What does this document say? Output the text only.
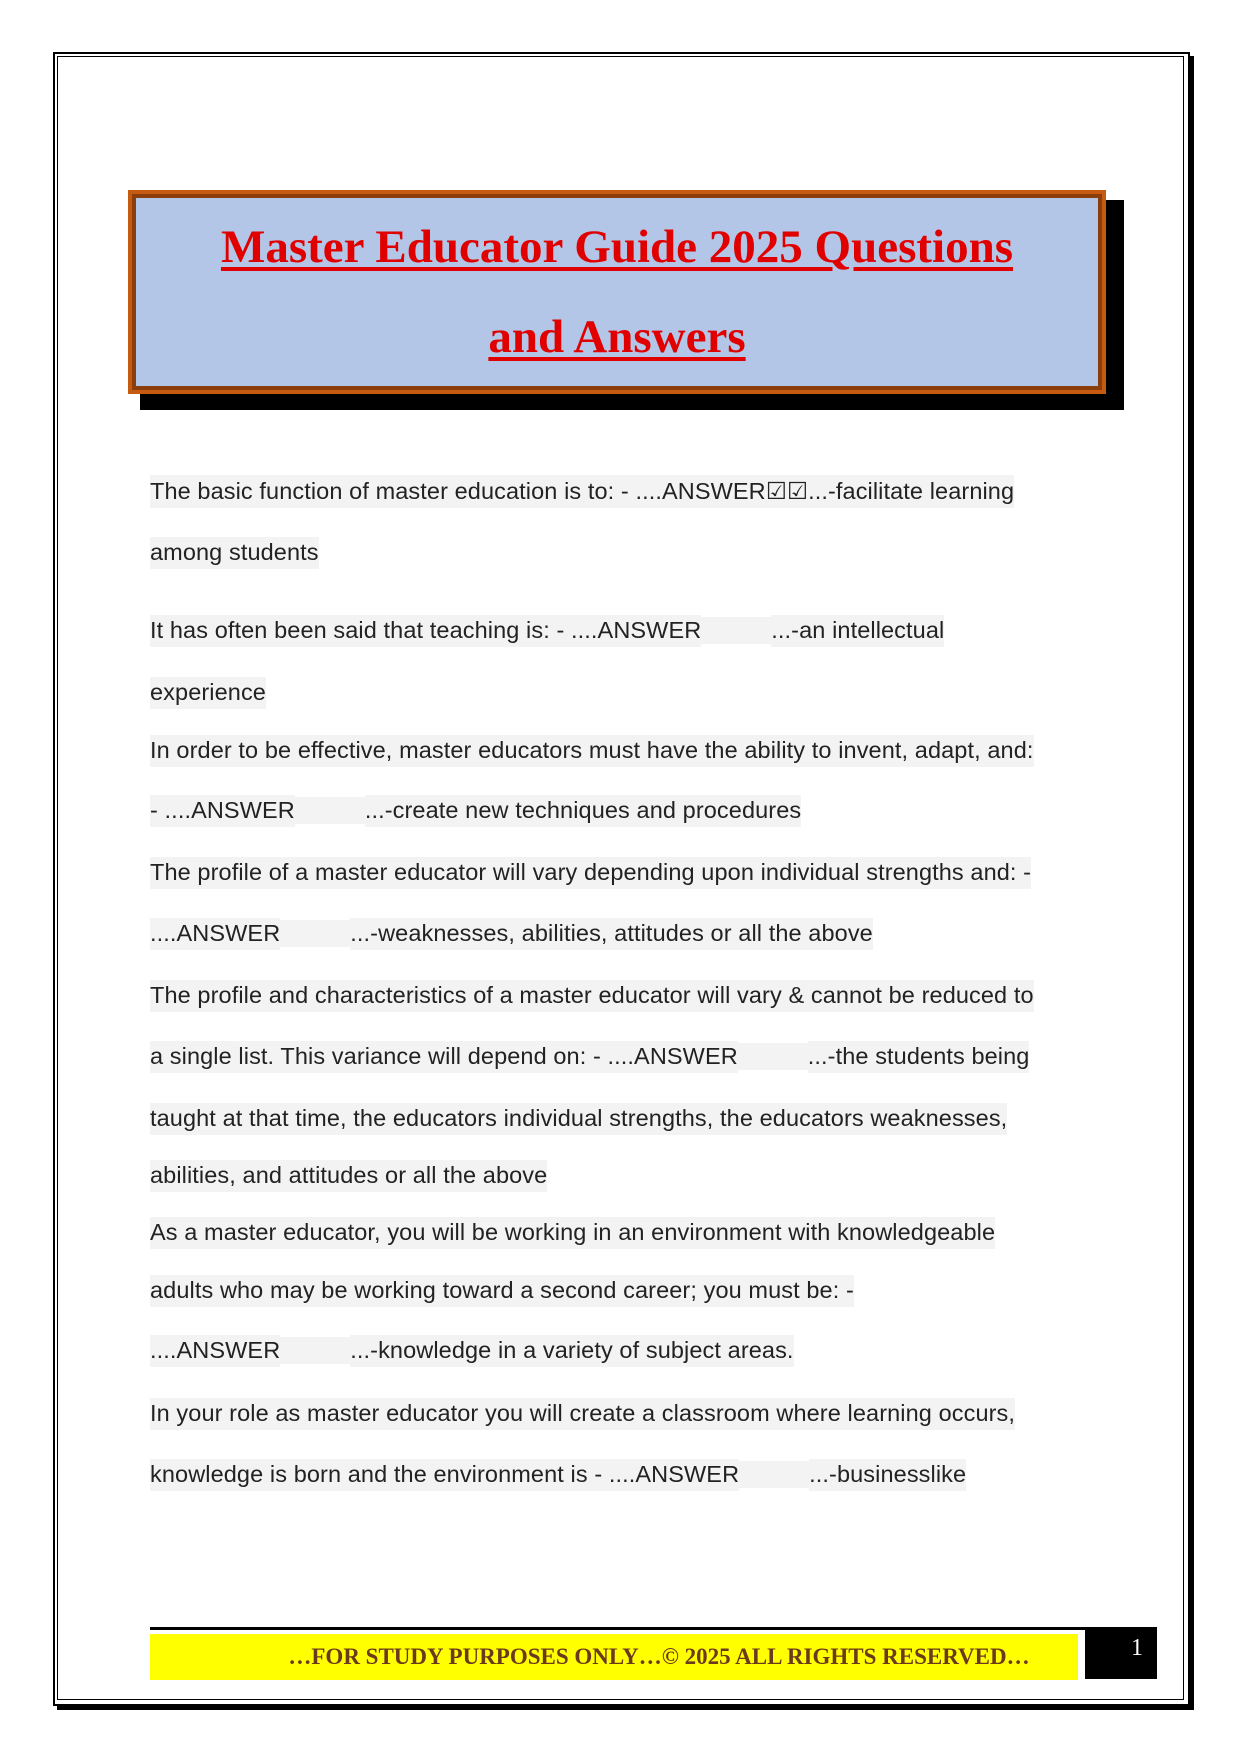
Master Educator Guide 2025 Questions
and Answers
The basic function of master education is to: - ....ANSWER☑☑...-facilitate learning
among students
It has often been said that teaching is: - ....ANSWER	...-an intellectual
experience
In order to be effective, master educators must have the ability to invent, adapt, and:
- ....ANSWER	...-create new techniques and procedures
The profile of a master educator will vary depending upon individual strengths and: -
....ANSWER	...-weaknesses, abilities, attitudes or all the above
The profile and characteristics of a master educator will vary & cannot be reduced to
a single list. This variance will depend on: - ....ANSWER	...-the students being
taught at that time, the educators individual strengths, the educators weaknesses,
abilities, and attitudes or all the above
As a master educator, you will be working in an environment with knowledgeable
adults who may be working toward a second career; you must be: -
....ANSWER	...-knowledge in a variety of subject areas.
In your role as master educator you will create a classroom where learning occurs,
knowledge is born and the environment is - ....ANSWER	...-businesslike
…FOR STUDY PURPOSES ONLY…© 2025 ALL RIGHTS RESERVED…	1
